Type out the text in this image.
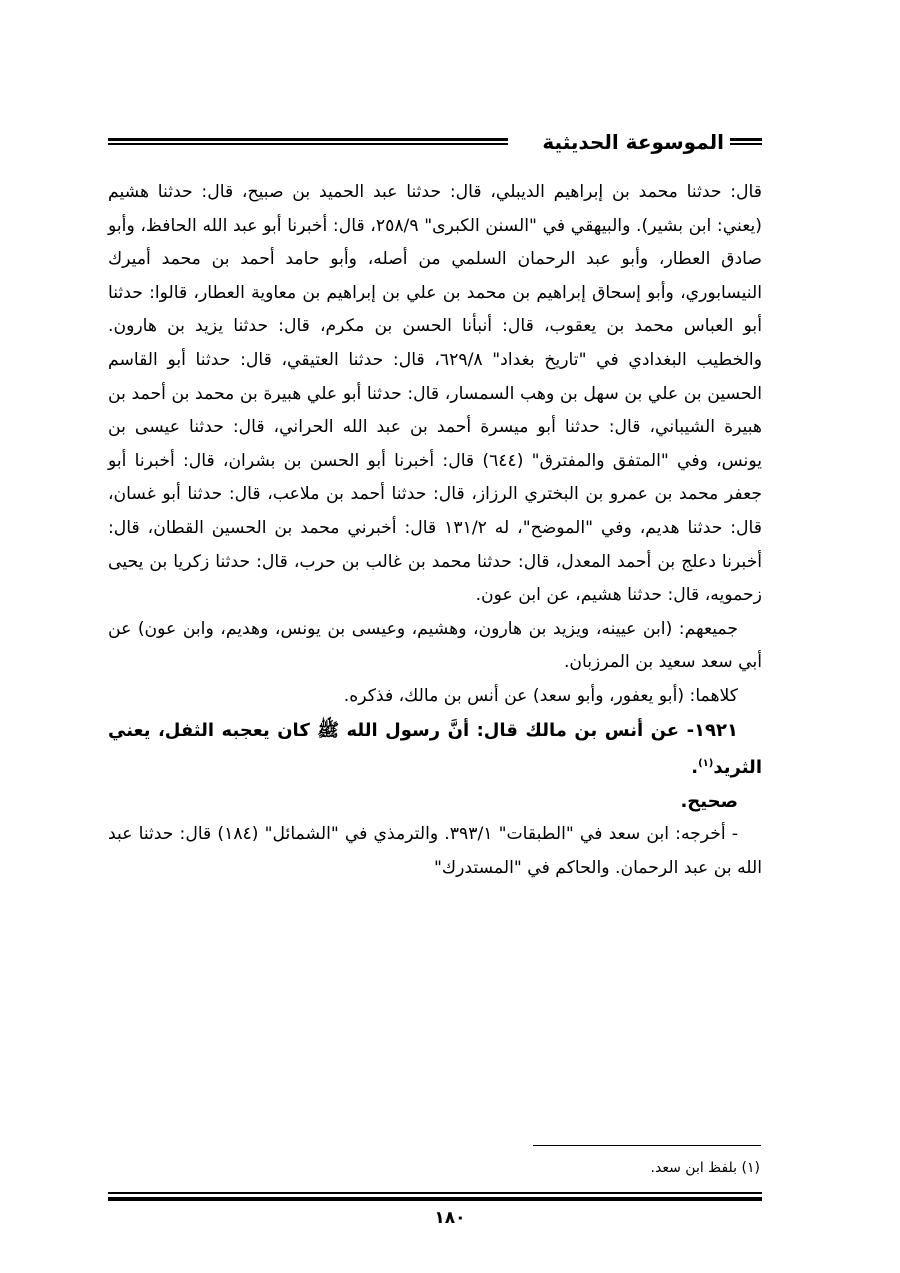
الموسوعة الحديثية

قال: حدثنا محمد بن إبراهيم الديبلي، قال: حدثنا عبد الحميد بن صبيح، قال: حدثنا هشيم (يعني: ابن بشير). والبيهقي في "السنن الكبرى" ٢٥٨/٩، قال: أخبرنا أبو عبد الله الحافظ، وأبو صادق العطار، وأبو عبد الرحمان السلمي من أصله، وأبو حامد أحمد بن محمد أميرك النيسابوري، وأبو إسحاق إبراهيم بن محمد بن علي بن إبراهيم بن معاوية العطار، قالوا: حدثنا أبو العباس محمد بن يعقوب، قال: أنبأنا الحسن بن مكرم، قال: حدثنا يزيد بن هارون. والخطيب البغدادي في "تاريخ بغداد" ٦٢٩/٨، قال: حدثنا العتيقي، قال: حدثنا أبو القاسم الحسين بن علي بن سهل بن وهب السمسار، قال: حدثنا أبو علي هبيرة بن محمد بن أحمد بن هبيرة الشيباني، قال: حدثنا أبو ميسرة أحمد بن عبد الله الحراني، قال: حدثنا عيسى بن يونس، وفي "المتفق والمفترق" (٦٤٤) قال: أخبرنا أبو الحسن بن بشران، قال: أخبرنا أبو جعفر محمد بن عمرو بن البختري الرزاز، قال: حدثنا أحمد بن ملاعب، قال: حدثنا أبو غسان، قال: حدثنا هديم، وفي "الموضح"، له ١٣١/٢ قال: أخبرني محمد بن الحسين القطان، قال: أخبرنا دعلج بن أحمد المعدل، قال: حدثنا محمد بن غالب بن حرب، قال: حدثنا زكريا بن يحيى زحمويه، قال: حدثنا هشيم، عن ابن عون.

جميعهم: (ابن عيينه، ويزيد بن هارون، وهشيم، وعيسى بن يونس، وهديم، وابن عون) عن أبي سعد سعيد بن المرزبان.

كلاهما: (أبو يعفور، وأبو سعد) عن أنس بن مالك، فذكره.

١٩٢١- عن أنس بن مالك قال: أنَّ رسول الله ﷺ كان يعجبه الثفل، يعني الثريد$^{(١)}$.

صحيح.

- أخرجه: ابن سعد في "الطبقات" ٣٩٣/١. والترمذي في "الشمائل" (١٨٤) قال: حدثنا عبد الله بن عبد الرحمان. والحاكم في "المستدرك"

(١) بلفظ ابن سعد.
١٨٠
